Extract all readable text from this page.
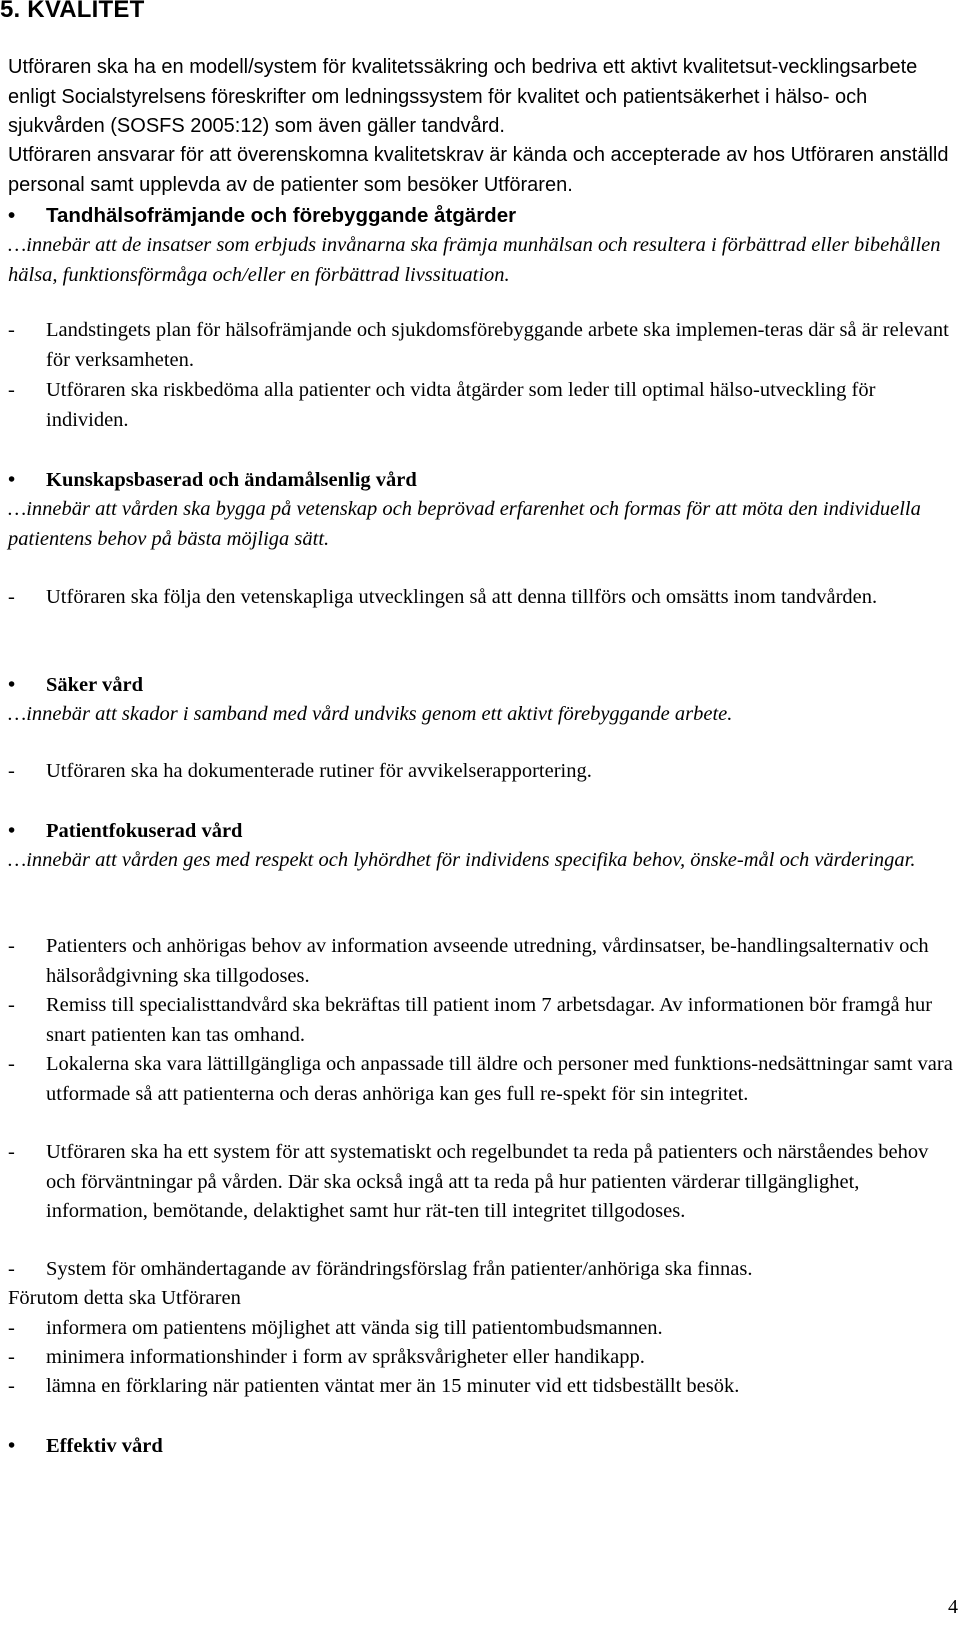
5. KVALITET

Utföraren ska ha en modell/system för kvalitetssäkring och bedriva ett aktivt kvalitetsut-vecklingsarbete enligt Socialstyrelsens föreskrifter om ledningssystem för kvalitet och patientsäkerhet i hälso- och sjukvården (SOSFS 2005:12) som även gäller tandvård.

Utföraren ansvarar för att överenskomna kvalitetskrav är kända och accepterade av hos Utföraren anställd personal samt upplevda av de patienter som besöker Utföraren.

•	Tandhälsofrämjande och förebyggande åtgärder

…innebär att de insatser som erbjuds invånarna ska främja munhälsan och resultera i förbättrad eller bibehållen hälsa, funktionsförmåga och/eller en förbättrad livssituation.

- Landstingets plan för hälsofrämjande och sjukdomsförebyggande arbete ska implemen-teras där så är relevant för verksamheten.
- Utföraren ska riskbedöma alla patienter och vidta åtgärder som leder till optimal hälso-utveckling för individen.
•	Kunskapsbaserad och ändamålsenlig vård

…innebär att vården ska bygga på vetenskap och beprövad erfarenhet och formas för att möta den individuella patientens behov på bästa möjliga sätt.

- Utföraren ska följa den vetenskapliga utvecklingen så att denna tillförs och omsätts inom tandvården.
•	Säker vård

…innebär att skador i samband med vård undviks genom ett aktivt förebyggande arbete.

- Utföraren ska ha dokumenterade rutiner för avvikelserapportering.
•	Patientfokuserad vård

…innebär att vården ges med respekt och lyhördhet för individens specifika behov, önske-mål och värderingar.

- Patienters och anhörigas behov av information avseende utredning, vårdinsatser, be-handlingsalternativ och hälsorådgivning ska tillgodoses.
- Remiss till specialisttandvård ska bekräftas till patient inom 7 arbetsdagar. Av informationen bör framgå hur snart patienten kan tas omhand.
- Lokalerna ska vara lättillgängliga och anpassade till äldre och personer med funktions-nedsättningar samt vara utformade så att patienterna och deras anhöriga kan ges full re-spekt för sin integritet.
- Utföraren ska ha ett system för att systematiskt och regelbundet ta reda på patienters och närståendes behov och förväntningar på vården. Där ska också ingå att ta reda på hur patienten värderar tillgänglighet, information, bemötande, delaktighet samt hur rät-ten till integritet tillgodoses.
- System för omhändertagande av förändringsförslag från patienter/anhöriga ska finnas.

Förutom detta ska Utföraren

- informera om patientens möjlighet att vända sig till patientombudsmannen.
- minimera informationshinder i form av språksvårigheter eller handikapp.
- lämna en förklaring när patienten väntat mer än 15 minuter vid ett tidsbeställt besök.
•	Effektiv vård

4
